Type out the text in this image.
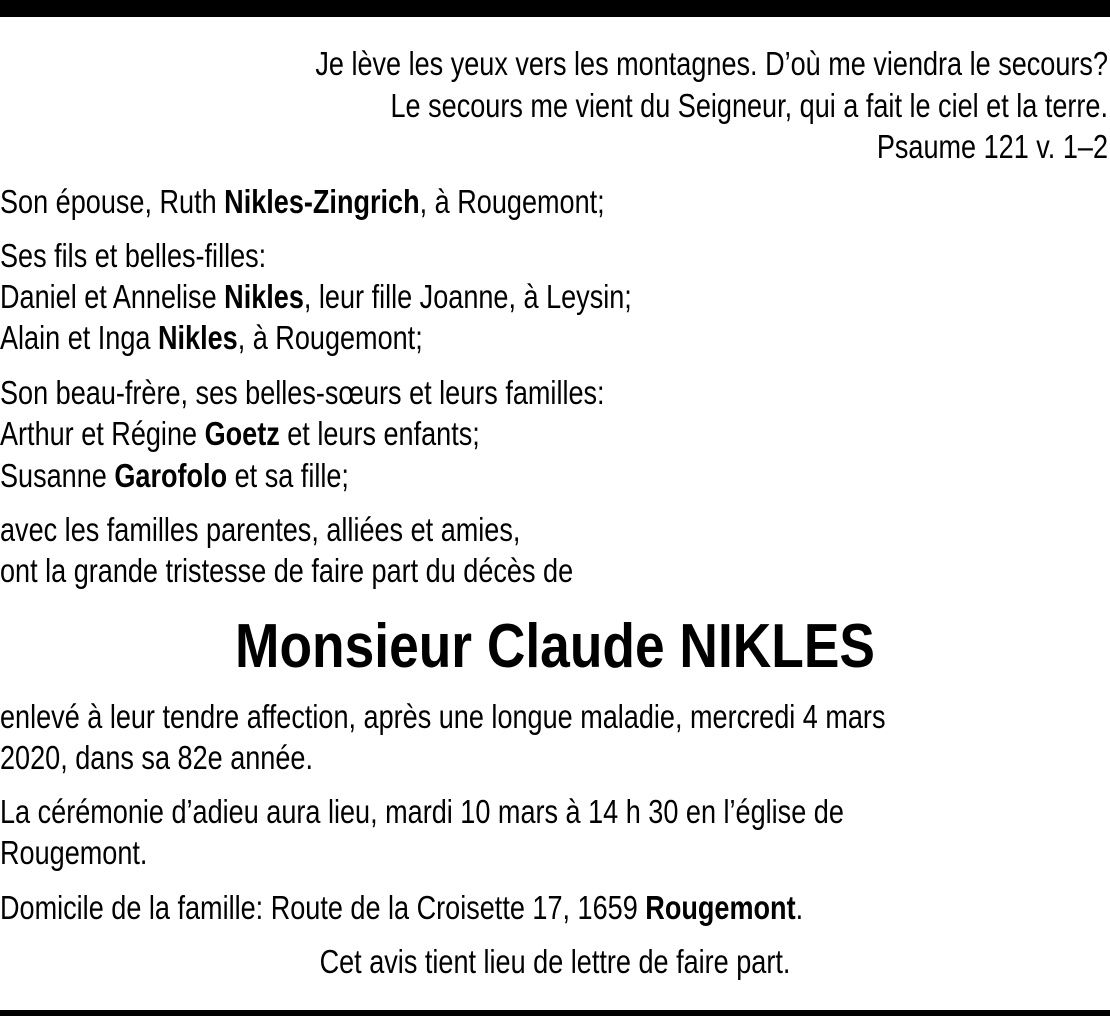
Je lève les yeux vers les montagnes. D’où me viendra le secours?
Le secours me vient du Seigneur, qui a fait le ciel et la terre.
Psaume 121 v. 1–2
Son épouse, Ruth Nikles-Zingrich, à Rougemont;
Ses fils et belles-filles:
Daniel et Annelise Nikles, leur fille Joanne, à Leysin;
Alain et Inga Nikles, à Rougemont;
Son beau-frère, ses belles-sœurs et leurs familles:
Arthur et Régine Goetz et leurs enfants;
Susanne Garofolo et sa fille;
avec les familles parentes, alliées et amies,
ont la grande tristesse de faire part du décès de
Monsieur Claude NIKLES
enlevé à leur tendre affection, après une longue maladie, mercredi 4 mars
2020, dans sa 82e année.
La cérémonie d’adieu aura lieu, mardi 10 mars à 14 h 30 en l’église de
Rougemont.
Domicile de la famille: Route de la Croisette 17, 1659 Rougemont.
Cet avis tient lieu de lettre de faire part.
